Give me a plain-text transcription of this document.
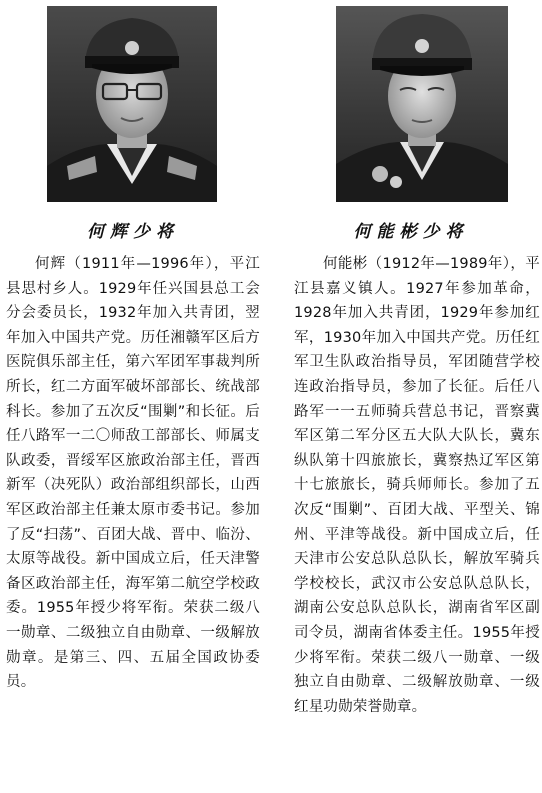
何辉少将

何辉（1911年—1996年），平江县思村乡人。1929年任兴国县总工会分会委员长，1932年加入共青团，翌年加入中国共产党。历任湘赣军区后方医院俱乐部主任，第六军团军事裁判所所长，红二方面军破坏部部长、统战部科长。参加了五次反“围剿”和长征。后任八路军一二〇师敌工部部长、师属支队政委，晋绥军区旅政治部主任，晋西新军（决死队）政治部组织部长，山西军区政治部主任兼太原市委书记。参加了反“扫荡”、百团大战、晋中、临汾、太原等战役。新中国成立后，任天津警备区政治部主任，海军第二航空学校政委。1955年授少将军衔。荣获二级八一勋章、二级独立自由勋章、一级解放勋章。是第三、四、五届全国政协委员。

何能彬少将

何能彬（1912年—1989年），平江县嘉义镇人。1927年参加革命，1928年加入共青团，1929年参加红军，1930年加入中国共产党。历任红军卫生队政治指导员，军团随营学校连政治指导员，参加了长征。后任八路军一一五师骑兵营总书记，晋察冀军区第二军分区五大队大队长，冀东纵队第十四旅旅长，冀察热辽军区第十七旅旅长，骑兵师师长。参加了五次反“围剿”、百团大战、平型关、锦州、平津等战役。新中国成立后，任天津市公安总队总队长，解放军骑兵学校校长，武汉市公安总队总队长，湖南公安总队总队长，湖南省军区副司令员，湖南省体委主任。1955年授少将军衔。荣获二级八一勋章、一级独立自由勋章、二级解放勋章、一级红星功勋荣誉勋章。
